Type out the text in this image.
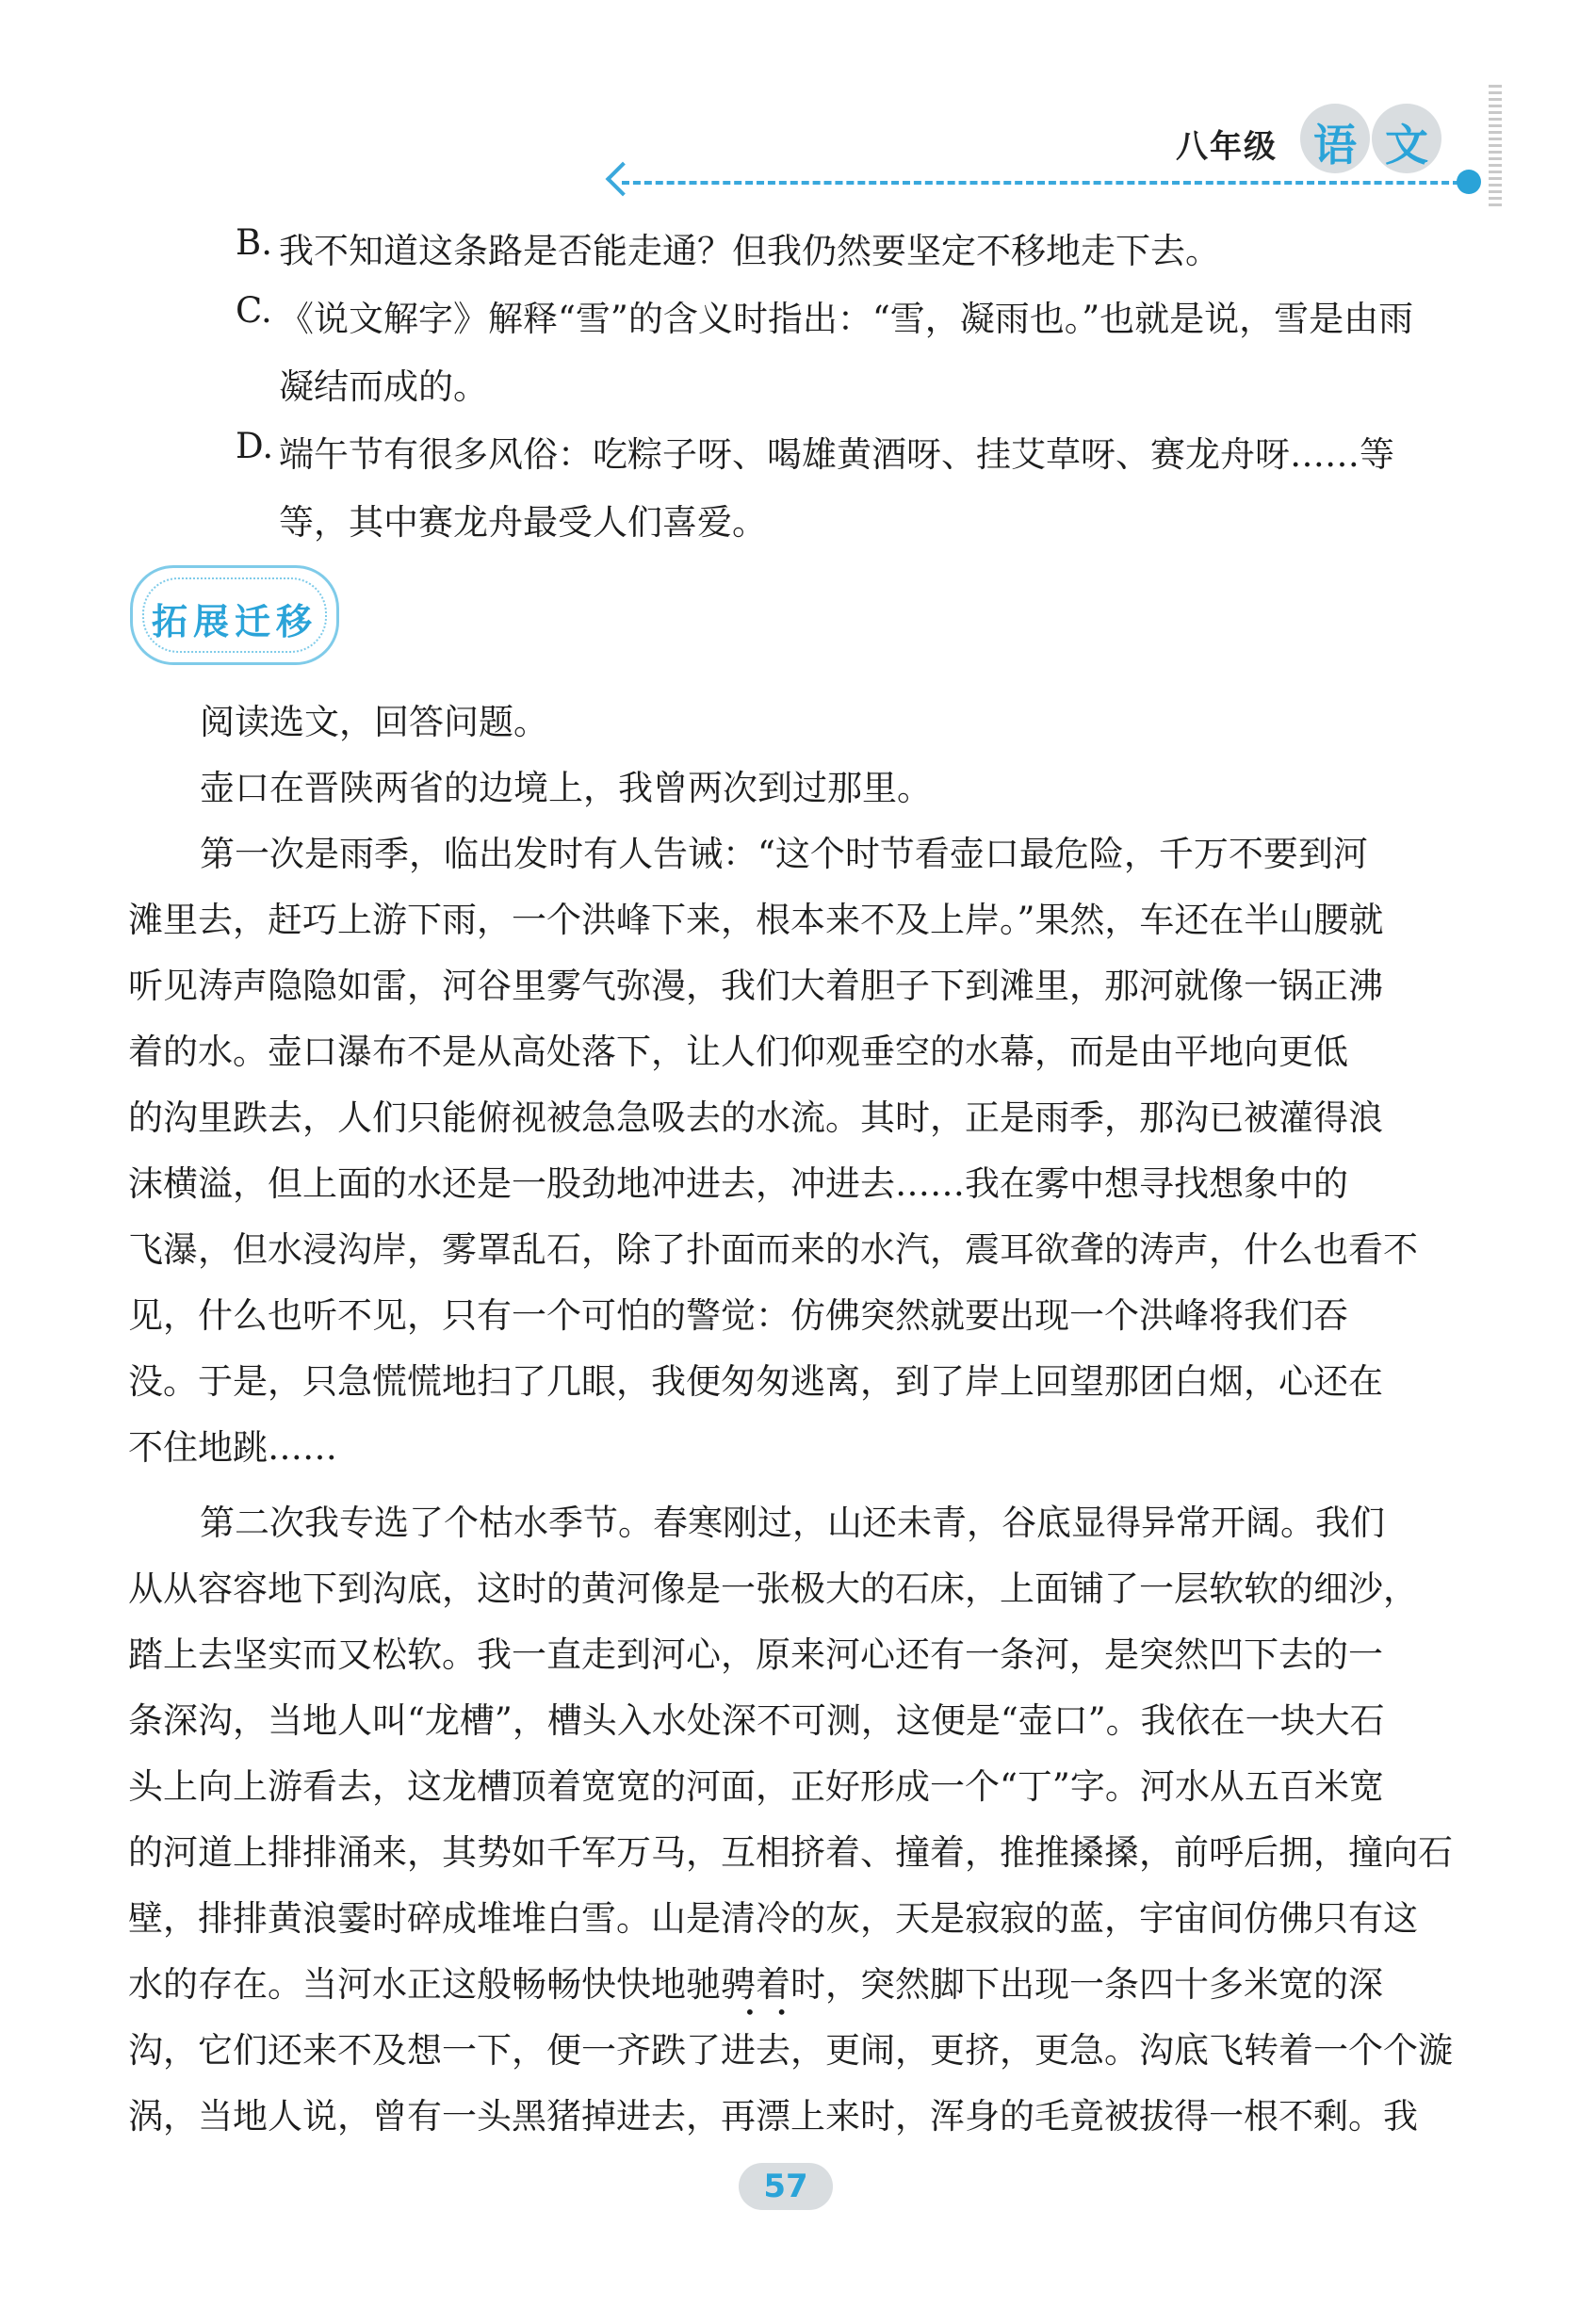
八年级 语 文
B. 我不知道这条路是否能走通？但我仍然要坚定不移地走下去。
C. 《说文解字》解释“雪”的含义时指出：“雪，凝雨也。”也就是说，雪是由雨
凝结而成的。
D. 端午节有很多风俗：吃粽子呀、喝雄黄酒呀、挂艾草呀、赛龙舟呀……等
等，其中赛龙舟最受人们喜爱。
拓展迁移
阅读选文，回答问题。
壶口在晋陕两省的边境上，我曾两次到过那里。
第一次是雨季，临出发时有人告诫：“这个时节看壶口最危险，千万不要到河
滩里去，赶巧上游下雨，一个洪峰下来，根本来不及上岸。”果然，车还在半山腰就
听见涛声隐隐如雷，河谷里雾气弥漫，我们大着胆子下到滩里，那河就像一锅正沸
着的水。壶口瀑布不是从高处落下，让人们仰观垂空的水幕，而是由平地向更低
的沟里跌去，人们只能俯视被急急吸去的水流。其时，正是雨季，那沟已被灌得浪
沫横溢，但上面的水还是一股劲地冲进去，冲进去……我在雾中想寻找想象中的
飞瀑，但水浸沟岸，雾罩乱石，除了扑面而来的水汽，震耳欲聋的涛声，什么也看不
见，什么也听不见，只有一个可怕的警觉：仿佛突然就要出现一个洪峰将我们吞
没。于是，只急慌慌地扫了几眼，我便匆匆逃离，到了岸上回望那团白烟，心还在
不住地跳……
第二次我专选了个枯水季节。春寒刚过，山还未青，谷底显得异常开阔。我们
从从容容地下到沟底，这时的黄河像是一张极大的石床，上面铺了一层软软的细沙，
踏上去坚实而又松软。我一直走到河心，原来河心还有一条河，是突然凹下去的一
条深沟，当地人叫“龙槽”，槽头入水处深不可测，这便是“壶口”。我依在一块大石
头上向上游看去，这龙槽顶着宽宽的河面，正好形成一个“丁”字。河水从五百米宽
的河道上排排涌来，其势如千军万马，互相挤着、撞着，推推搡搡，前呼后拥，撞向石
壁，排排黄浪霎时碎成堆堆白雪。山是清冷的灰，天是寂寂的蓝，宇宙间仿佛只有这
水的存在。当河水正这般畅畅快快地驰骋着时，突然脚下出现一条四十多米宽的深
••
沟，它们还来不及想一下，便一齐跌了进去，更闹，更挤，更急。沟底飞转着一个个漩
涡，当地人说，曾有一头黑猪掉进去，再漂上来时，浑身的毛竟被拔得一根不剩。我
57
